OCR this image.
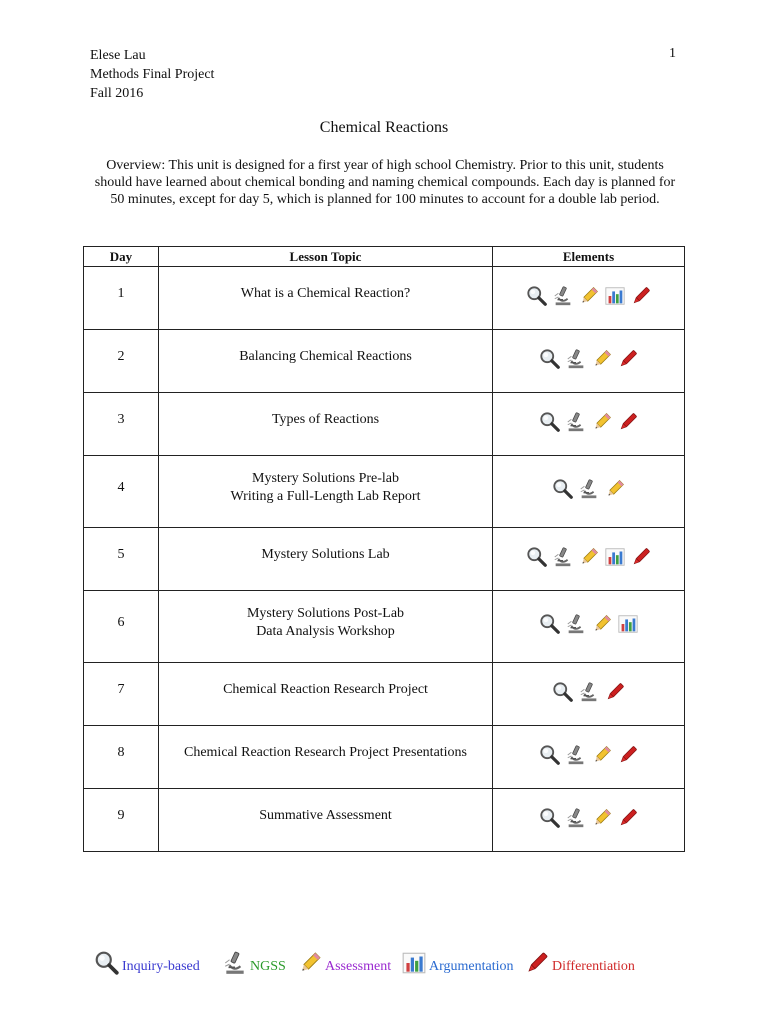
Elese Lau
Methods Final Project
Fall 2016
1
Chemical Reactions
Overview: This unit is designed for a first year of high school Chemistry. Prior to this unit, students should have learned about chemical bonding and naming chemical compounds. Each day is planned for 50 minutes, except for day 5, which is planned for 100 minutes to account for a double lab period.
Day	Lesson Topic	Elements
1	What is a Chemical Reaction?	

2	Balancing Chemical Reactions	

3	Types of Reactions	

4	Mystery Solutions Pre-lab
Writing a Full-Length Lab Report	

5	Mystery Solutions Lab	

6	Mystery Solutions Post-Lab
Data Analysis Workshop	

7	Chemical Reaction Research Project	

8	Chemical Reaction Research Project Presentations	

9	Summative Assessment	
Inquiry-based	NGSS	Assessment	Argumentation	Differentiation
